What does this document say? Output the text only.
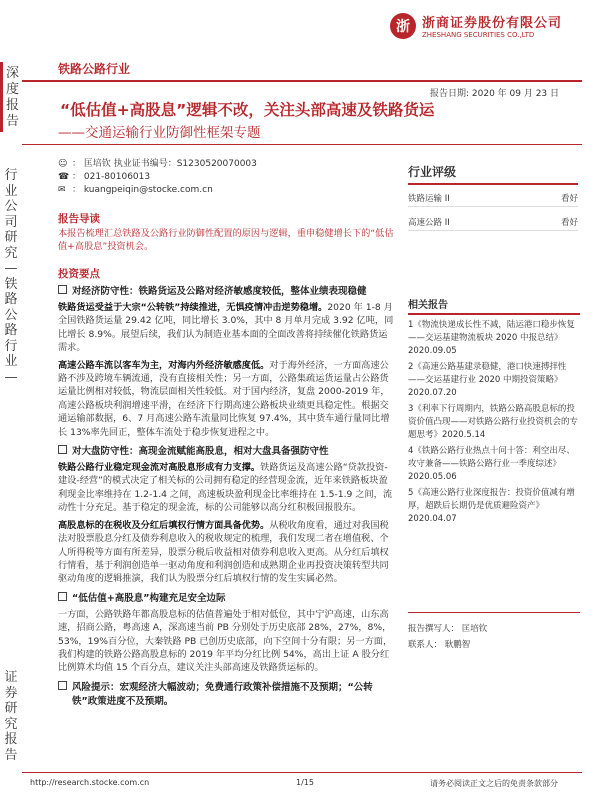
浙 浙商证券股份有限公司
ZHESHANG SECURITIES CO.,LTD
铁路公路行业
报告日期: 2020 年 09 月 23 日
深度报告
行业公司研究—铁路公路行业—
证券研究报告
“低估值+高股息”逻辑不改，关注头部高速及铁路货运
——交通运输行业防御性框架专题
☺ ： 匡培钦 执业证书编号：S1230520070003
☎ ： 021-80106013
✉ ： kuangpeiqin@stocke.com.cn
行业评级
铁路运输 II	看好
高速公路 II	看好
报告导读
本报告梳理汇总铁路及公路行业防御性配置的原因与逻辑，重申稳健增长下的“低估值+高股息”投资机会。
投资要点
对经济防守性：铁路货运及公路对经济敏感度较低，整体业绩表现稳健
铁路货运受益于大宗“公转铁”持续推进，无惧疫情冲击逆势稳增。2020 年 1-8 月全国铁路货运量 29.42 亿吨，同比增长 3.0%，其中 8 月单月完成 3.92 亿吨，同比增长 8.9%。展望后续，我们认为制造业基本面的全面改善将持续催化铁路货运需求。
高速公路车流以客车为主，对海内外经济敏感度低。对于海外经济，一方面高速公路不涉及跨境车辆流通，没有直接相关性；另一方面，公路集疏运货运量占公路货运量比例相对较低，物流层面相关性较低。对于国内经济，复盘 2000-2019 年，高速公路板块利润增速平滑，在经济下行期高速公路板块业绩更具稳定性。根据交通运输部数据，6、7 月高速公路车流量同比恢复 97.4%，其中货车通行量同比增长 13%率先回正，整体车流处于稳步恢复进程之中。
对大盘防守性：高现金流赋能高股息，相对大盘具备强防守性
铁路公路行业稳定现金流对高股息形成有力支撑。铁路货运及高速公路“贷款投资-建设-经营”的模式决定了相关标的公司拥有稳定的经营现金流，近年来铁路板块盈利现金比率维持在 1.2-1.4 之间，高速板块盈利现金比率维持在 1.5-1.9 之间，流动性十分充足。基于稳定的现金流，标的公司能够以高分红积极回报股东。
高股息标的在税收及分红后填权行情方面具备优势。从税收角度看，通过对我国税法对股票股息分红及债券利息收入的税收规定的梳理，我们发现二者在增值税、个人所得税等方面有所差异，股票分税后收益相对债券利息收入更高。从分红后填权行情看，基于利润创造单一驱动角度和利润创造和成熟期企业再投资决策转型共同驱动角度的逻辑推演，我们认为股票分红后填权行情的发生实属必然。
“低估值+高股息”构建充足安全边际
一方面，公路铁路年都高股息标的估值普遍处于相对低位，其中宁沪高速，山东高速，招商公路，粤高速 A，深高速当前 PB 分别处于历史底部 28%，27%，8%，53%，19%百分位，大秦铁路 PB 已创历史底部，向下空间十分有限；另一方面，我们构建的铁路公路高股息标的 2019 年平均分红比例 54%，高出上证 A 股分红比例算术均值 15 个百分点，建议关注头部高速及铁路货运标的。
风险提示：宏观经济大幅波动；免费通行政策补偿措施不及预期；“公转铁”政策进度不及预期。
相关报告
1《物流快递成长性不减，陆运港口稳步恢复——交运基建物流板块 2020 中报总结》2020.09.05
2《高速公路基建录稳健，港口快速搏拝性——交运基建行业 2020 中期投资策略》2020.07.20
3《利率下行周期内，铁路公路高股息标的投资价值凸现——对铁路公路行业投资机会的专题思考》2020.5.14
4《铁路公路行业热点十问十答：利空出尽、攻守兼备——铁路公路行业一季度综述》2020.05.06
5《高速公路行业深度报告：投资价值减有增厚，超跌后长期仍是优质避险资产》2020.04.07
报告撰写人： 匡培钦
联系人： 耿鹏智
http://research.stocke.com.cn	1/15	请务必阅读正文之后的免责条款部分
